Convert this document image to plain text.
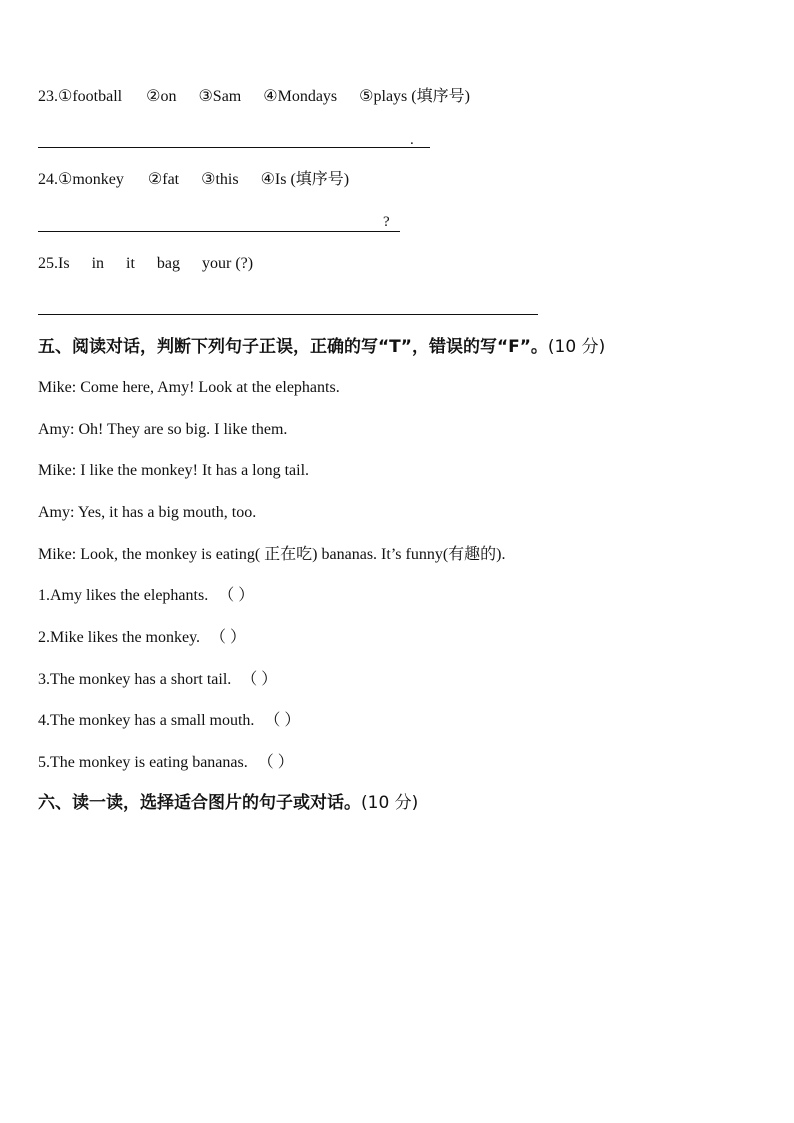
23.①football ②on ③Sam ④Mondays ⑤plays (填序号)
.
24.①monkey ②fat ③this ④Is (填序号)
?
25.Is in it bag your (?)
五、阅读对话，判断下列句子正误，正确的写“T”，错误的写“F”。(10 分)
Mike: Come here, Amy! Look at the elephants.
Amy: Oh! They are so big. I like them.
Mike: I like the monkey! It has a long tail.
Amy: Yes, it has a big mouth, too.
Mike: Look, the monkey is eating( 正在吃) bananas. It’s funny(有趣的).
1.Amy likes the elephants. （ ）
2.Mike likes the monkey. （ ）
3.The monkey has a short tail. （ ）
4.The monkey has a small mouth. （ ）
5.The monkey is eating bananas. （ ）
六、读一读，选择适合图片的句子或对话。(10 分)
